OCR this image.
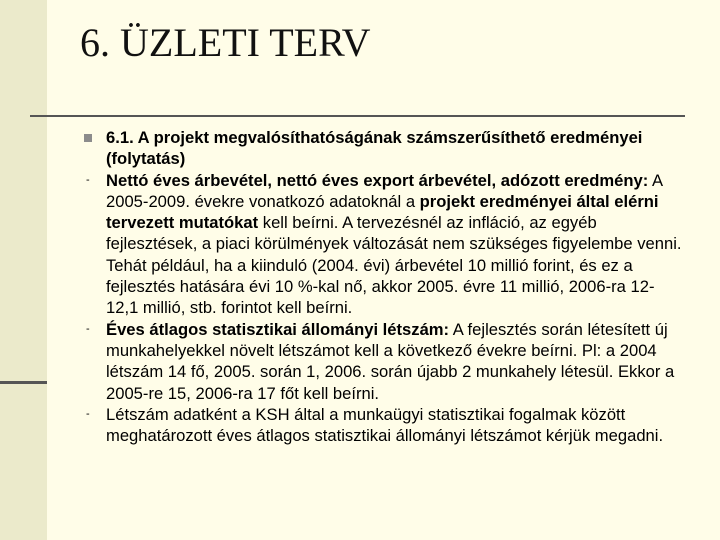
6. ÜZLETI TERV

6.1. A projekt megvalósíthatóságának számszerűsíthető eredményei (folytatás)

- Nettó éves árbevétel, nettó éves export árbevétel, adózott eredmény: A 2005-2009. évekre vonatkozó adatoknál a projekt eredményei által elérni tervezett mutatókat kell beírni. A tervezésnél az infláció, az egyéb fejlesztések, a piaci körülmények változását nem szükséges figyelembe venni. Tehát például, ha a kiinduló (2004. évi) árbevétel 10 millió forint, és ez a fejlesztés hatására évi 10 %-kal nő, akkor 2005. évre 11 millió, 2006-ra 12-12,1 millió, stb. forintot kell beírni.

- Éves átlagos statisztikai állományi létszám: A fejlesztés során létesített új munkahelyekkel növelt létszámot kell a következő évekre beírni. Pl: a 2004 létszám 14 fő, 2005. során 1, 2006. során újabb 2 munkahely létesül. Ekkor a 2005-re 15, 2006-ra 17 főt kell beírni.

- Létszám adatként a KSH által a munkaügyi statisztikai fogalmak között meghatározott éves átlagos statisztikai állományi létszámot kérjük megadni.
